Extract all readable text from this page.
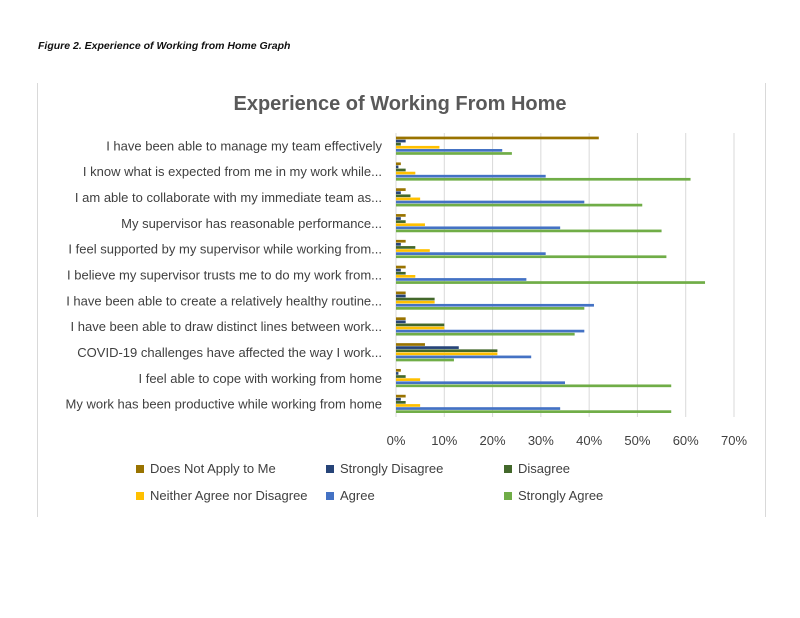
Figure 2. Experience of Working from Home Graph
Experience of Working From Home
I have been able to manage my team effectively
I know what is expected from me in my work while...
I am able to collaborate with my immediate team as...
My supervisor has reasonable performance...
I feel supported by my supervisor while working from...
I believe my supervisor trusts me to do my work from...
I have been able to create a relatively healthy routine...
I have been able to draw distinct lines between work...
COVID-19 challenges have affected the way I work...
I feel able to cope with working from home
My work has been productive while working from home
0% 10% 20% 30% 40% 50% 60% 70%
Does Not Apply to Me	Strongly Disagree	Disagree
Neither Agree nor Disagree Agree	Strongly Agree
